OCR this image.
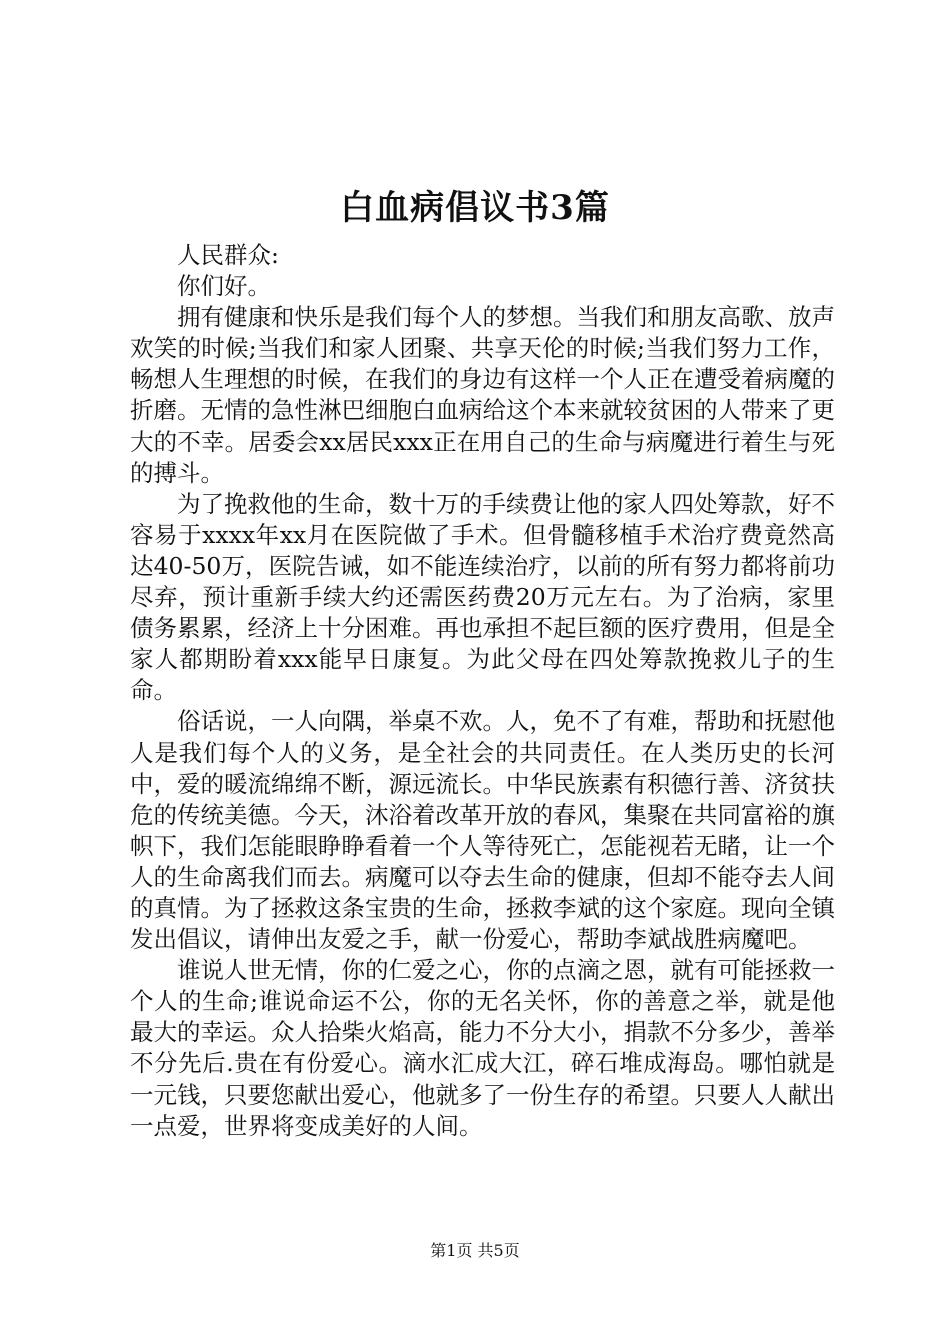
白血病倡议书3篇

人民群众:

你们好。

拥有健康和快乐是我们每个人的梦想。当我们和朋友高歌、放声欢笑的时候;当我们和家人团聚、共享天伦的时候;当我们努力工作，畅想人生理想的时候，在我们的身边有这样一个人正在遭受着病魔的折磨。无情的急性淋巴细胞白血病给这个本来就较贫困的人带来了更大的不幸。居委会xx居民xxx正在用自己的生命与病魔进行着生与死的搏斗。

为了挽救他的生命，数十万的手续费让他的家人四处筹款，好不容易于xxxx年xx月在医院做了手术。但骨髓移植手术治疗费竟然高达40-50万，医院告诫，如不能连续治疗，以前的所有努力都将前功尽弃，预计重新手续大约还需医药费20万元左右。为了治病，家里债务累累，经济上十分困难。再也承担不起巨额的医疗费用，但是全家人都期盼着xxx能早日康复。为此父母在四处筹款挽救儿子的生命。

俗话说，一人向隅，举桌不欢。人，免不了有难，帮助和抚慰他人是我们每个人的义务，是全社会的共同责任。在人类历史的长河中，爱的暖流绵绵不断，源远流长。中华民族素有积德行善、济贫扶危的传统美德。今天，沐浴着改革开放的春风，集聚在共同富裕的旗帜下，我们怎能眼睁睁看着一个人等待死亡，怎能视若无睹，让一个人的生命离我们而去。病魔可以夺去生命的健康，但却不能夺去人间的真情。为了拯救这条宝贵的生命，拯救李斌的这个家庭。现向全镇发出倡议，请伸出友爱之手，献一份爱心，帮助李斌战胜病魔吧。

谁说人世无情，你的仁爱之心，你的点滴之恩，就有可能拯救一个人的生命;谁说命运不公，你的无名关怀，你的善意之举，就是他最大的幸运。众人拾柴火焰高，能力不分大小，捐款不分多少，善举不分先后.贵在有份爱心。滴水汇成大江，碎石堆成海岛。哪怕就是一元钱，只要您献出爱心，他就多了一份生存的希望。只要人人献出一点爱，世界将变成美好的人间。

第1页 共5页
